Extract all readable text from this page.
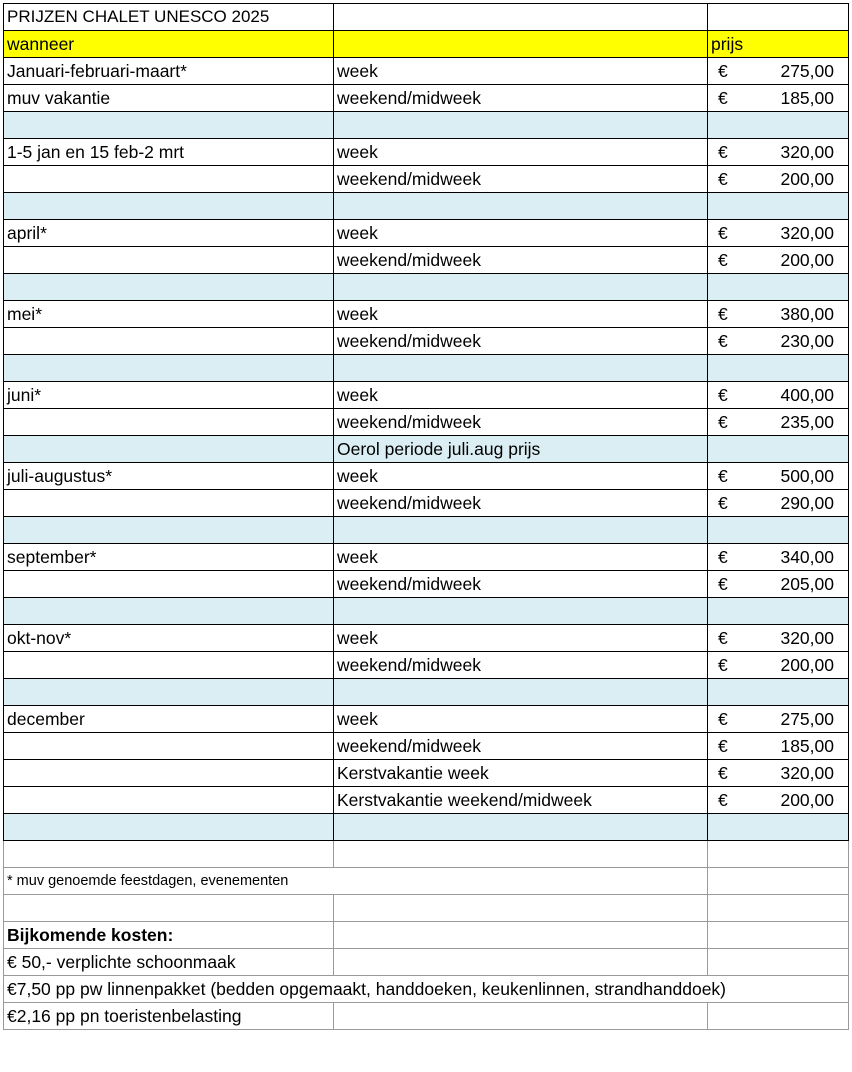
PRIJZEN CHALET UNESCO 2025		
wanneer		prijs
Januari-februari-maart*	week	€ 275,00

muv vakantie	weekend/midweek	€ 185,00

1-5 jan en 15 feb-2 mrt	week	€ 320,00

	weekend/midweek	€ 200,00

april*	week	€ 320,00

	weekend/midweek	€ 200,00

mei*	week	€ 380,00

	weekend/midweek	€ 230,00

juni*	week	€ 400,00

	weekend/midweek	€ 235,00

	Oerol periode juli.aug prijs	
juli-augustus*	week	€ 500,00

	weekend/midweek	€ 290,00

september*	week	€ 340,00

	weekend/midweek	€ 205,00

okt-nov*	week	€ 320,00

	weekend/midweek	€ 200,00

december	week	€ 275,00

	weekend/midweek	€ 185,00

	Kerstvakantie week	€ 320,00

	Kerstvakantie weekend/midweek	€ 200,00

* muv genoemde feestdagen, evenementen		

Bijkomende kosten:		
€ 50,- verplichte schoonmaak		
€7,50 pp pw linnenpakket (bedden opgemaakt, handdoeken, keukenlinnen, strandhanddoek)		
€2,16 pp pn toeristenbelasting		
